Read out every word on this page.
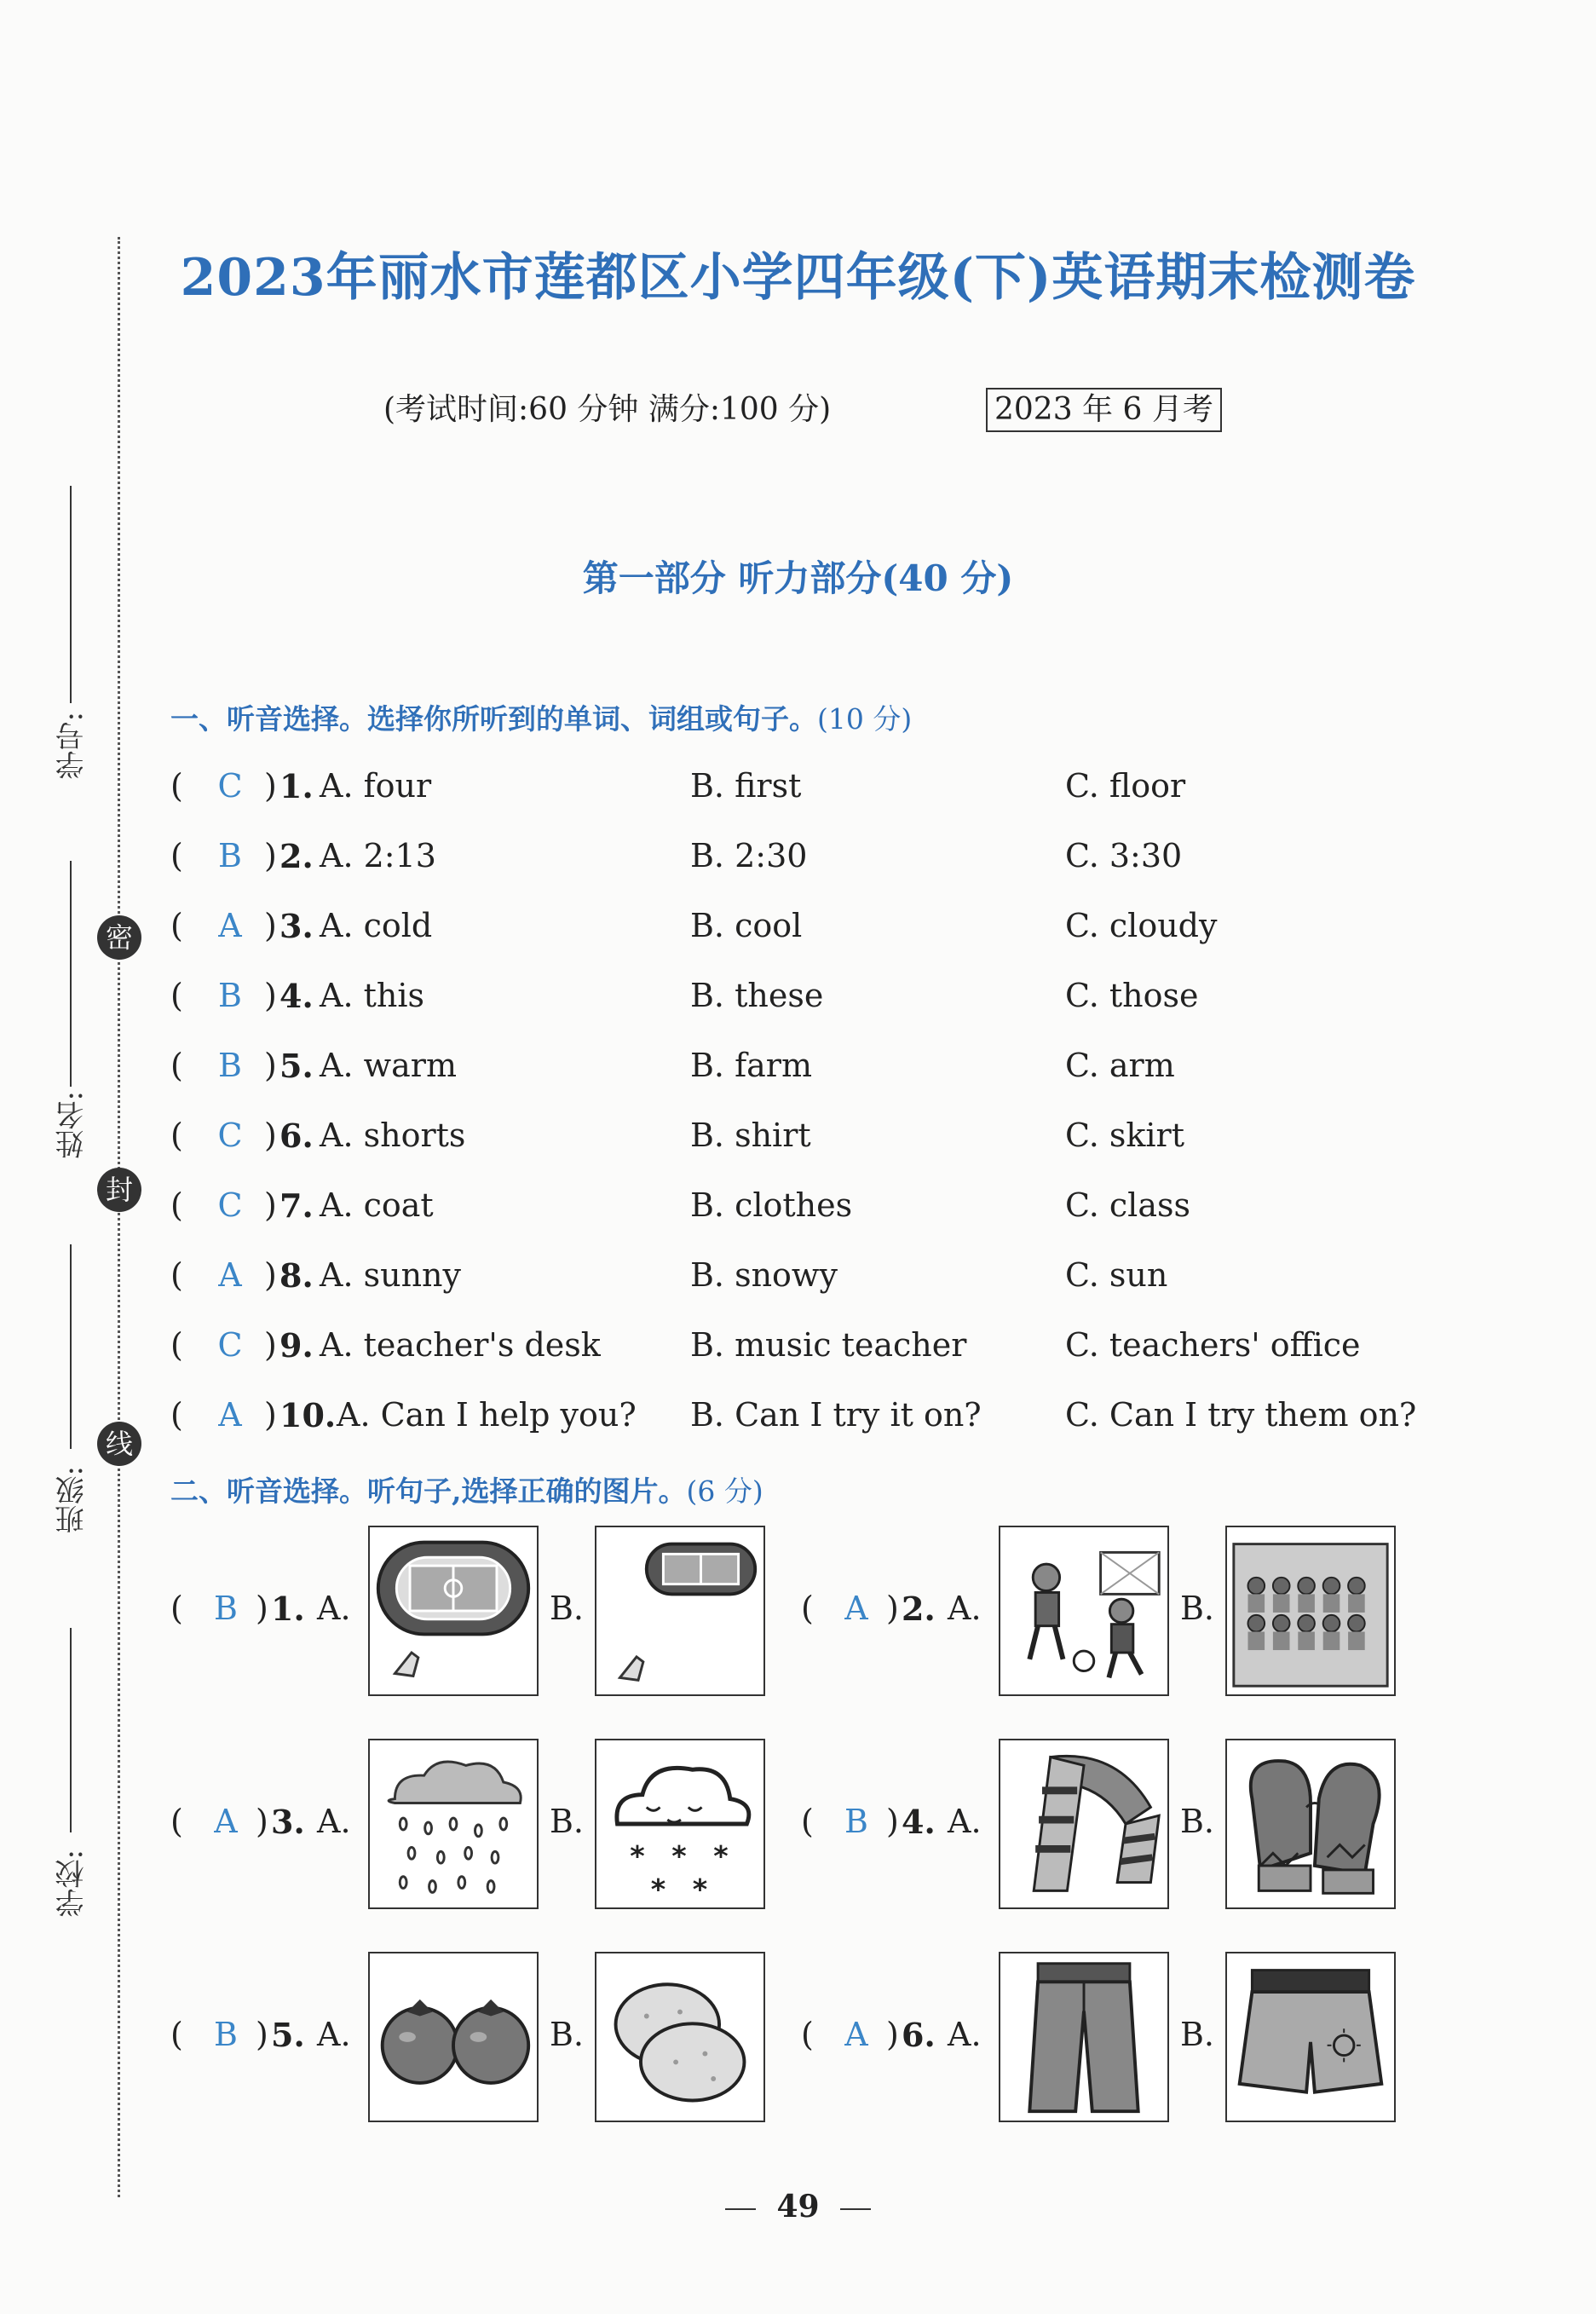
2023年丽水市莲都区小学四年级(下)英语期末检测卷
(考试时间:60 分钟 满分:100 分)	2023 年 6 月考
第一部分 听力部分(40 分)
一、听音选择。选择你所听到的单词、词组或句子。(10 分)
( C ) 1. A. four	B. first	C. floor
( B ) 2. A. 2:13	B. 2:30	C. 3:30
( A ) 3. A. cold	B. cool	C. cloudy
( B ) 4. A. this	B. these	C. those
( B ) 5. A. warm	B. farm	C. arm
( C ) 6. A. shorts	B. shirt	C. skirt
( C ) 7. A. coat	B. clothes	C. class
( A ) 8. A. sunny	B. snowy	C. sun
( C ) 9. A. teacher's desk	B. music teacher	C. teachers' office
( A ) 10. A. Can I help you? B. Can I try it on?	C. Can I try them on?
二、听音选择。听句子,选择正确的图片。(6 分)
( B ) 1. A.	B.	( A ) 2. A.	B.
( A ) 3. A.	B.
* * *
* *
( B ) 4. A.	B.
( B ) 5. A.	B.	( A ) 6. A.	B.
学号:
姓名:
班级:
学校:
密
封
线
49
